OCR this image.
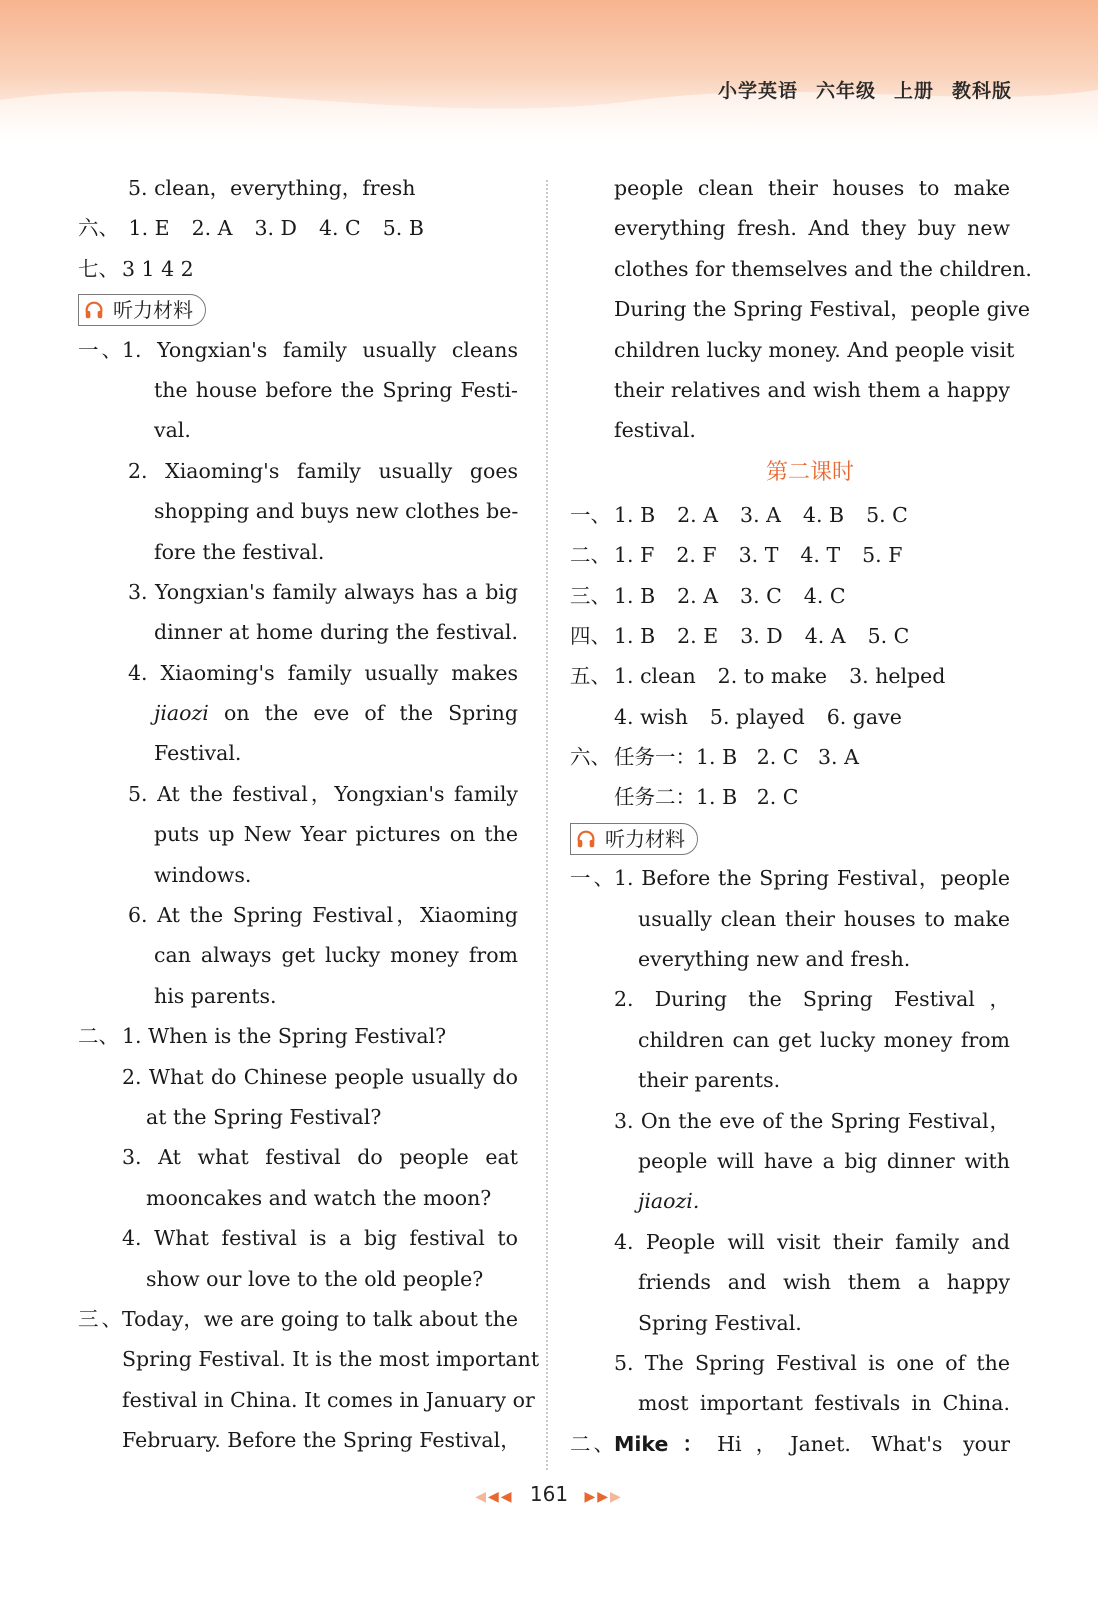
小学英语 六年级 上册 教科版
5. clean，everything，fresh
六、 1. E 2. A 3. D 4. C 5. B
七、 3 1 4 2
听力材料
一、1. Yongxian's family usually cleans
the house before the Spring Festi-
val.
2. Xiaoming's family usually goes
shopping and buys new clothes be-
fore the festival.
3. Yongxian's family always has a big
dinner at home during the festival.
4. Xiaoming's family usually makes
jiaozi on the eve of the Spring
Festival.
5. At the festival，Yongxian's family
puts up New Year pictures on the
windows.
6. At the Spring Festival，Xiaoming
can always get lucky money from
his parents.
二、 1. When is the Spring Festival?
2. What do Chinese people usually do
at the Spring Festival?
3. At what festival do people eat
mooncakes and watch the moon?
4. What festival is a big festival to
show our love to the old people?
三、Today，we are going to talk about the
Spring Festival. It is the most important
festival in China. It comes in January or
February. Before the Spring Festival，
people clean their houses to make
everything fresh. And they buy new
clothes for themselves and the children.
During the Spring Festival，people give
children lucky money. And people visit
their relatives and wish them a happy
festival.
第二课时
一、 1. B 2. A 3. A 4. B 5. C
二、 1. F 2. F 3. T 4. T 5. F
三、 1. B 2. A 3. C 4. C
四、 1. B 2. E 3. D 4. A 5. C
五、 1. clean 2. to make 3. helped
4. wish 5. played 6. gave
六、 任务一：1. B   2. C   3. A
任务二：1. B   2. C
听力材料
一、1. Before the Spring Festival，people
usually clean their houses to make
everything new and fresh.
2. During the Spring Festival，
children can get lucky money from
their parents.
3. On the eve of the Spring Festival，
people will have a big dinner with
jiaozi.
4. People will visit their family and
friends and wish them a happy
Spring Festival.
5. The Spring Festival is one of the
most important festivals in China.
二、Mike：Hi，Janet. What's your
◀◀◀ 161 ▶▶▶
